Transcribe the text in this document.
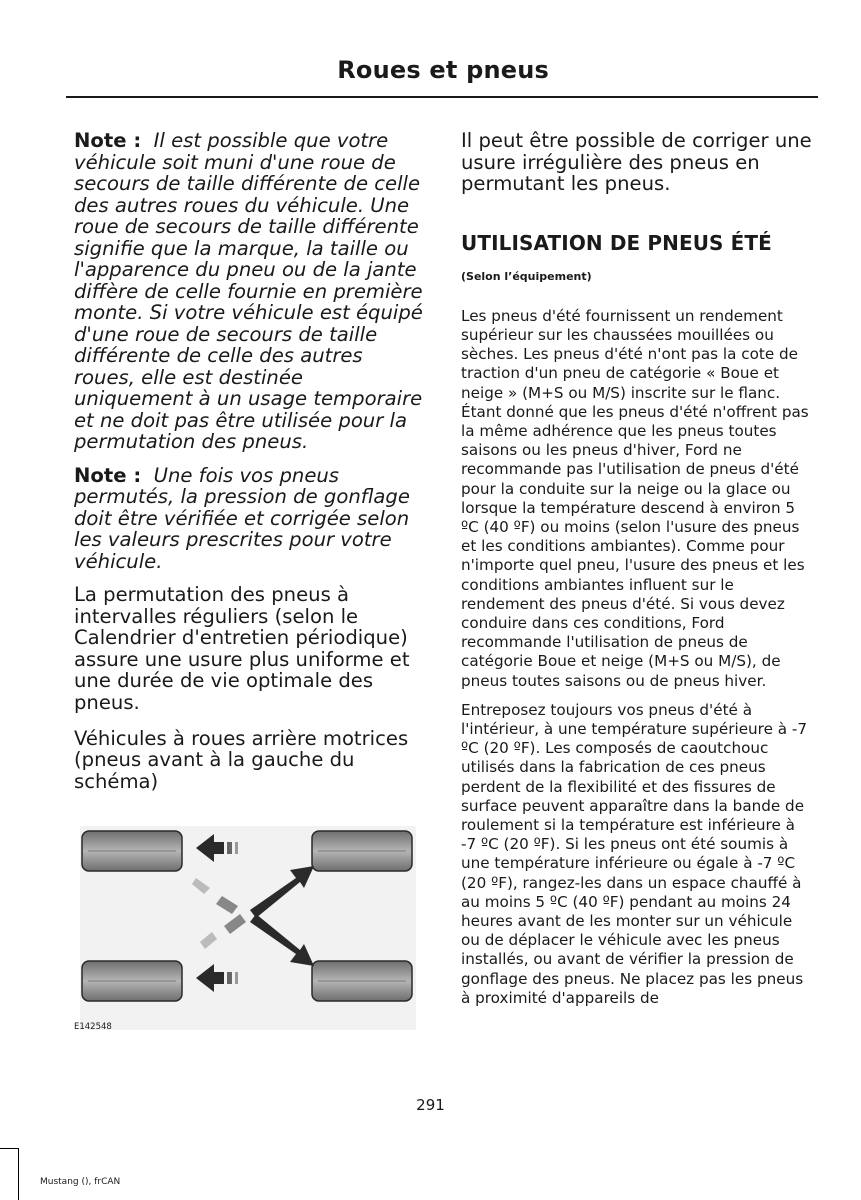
Roues et pneus

Note : Il est possible que votre véhicule soit muni d'une roue de secours de taille différente de celle des autres roues du véhicule. Une roue de secours de taille différente signifie que la marque, la taille ou l'apparence du pneu ou de la jante diffère de celle fournie en première monte. Si votre véhicule est équipé d'une roue de secours de taille différente de celle des autres roues, elle est destinée uniquement à un usage temporaire et ne doit pas être utilisée pour la permutation des pneus.

Note : Une fois vos pneus permutés, la pression de gonflage doit être vérifiée et corrigée selon les valeurs prescrites pour votre véhicule.

La permutation des pneus à intervalles réguliers (selon le Calendrier d'entretien périodique) assure une usure plus uniforme et une durée de vie optimale des pneus.

Véhicules à roues arrière motrices (pneus avant à la gauche du schéma)

E142548

Il peut être possible de corriger une usure irrégulière des pneus en permutant les pneus.

UTILISATION DE PNEUS ÉTÉ
(Selon l’équipement)

Les pneus d'été fournissent un rendement supérieur sur les chaussées mouillées ou sèches. Les pneus d'été n'ont pas la cote de traction d'un pneu de catégorie « Boue et neige » (M+S ou M/S) inscrite sur le flanc. Étant donné que les pneus d'été n'offrent pas la même adhérence que les pneus toutes saisons ou les pneus d'hiver, Ford ne recommande pas l'utilisation de pneus d'été pour la conduite sur la neige ou la glace ou lorsque la température descend à environ 5 ºC (40 ºF) ou moins (selon l'usure des pneus et les conditions ambiantes). Comme pour n'importe quel pneu, l'usure des pneus et les conditions ambiantes influent sur le rendement des pneus d'été. Si vous devez conduire dans ces conditions, Ford recommande l'utilisation de pneus de catégorie Boue et neige (M+S ou M/S), de pneus toutes saisons ou de pneus hiver.

Entreposez toujours vos pneus d'été à l'intérieur, à une température supérieure à -7 ºC (20 ºF). Les composés de caoutchouc utilisés dans la fabrication de ces pneus perdent de la flexibilité et des fissures de surface peuvent apparaître dans la bande de roulement si la température est inférieure à -7 ºC (20 ºF). Si les pneus ont été soumis à une température inférieure ou égale à -7 ºC (20 ºF), rangez-les dans un espace chauffé à au moins 5 ºC (40 ºF) pendant au moins 24 heures avant de les monter sur un véhicule ou de déplacer le véhicule avec les pneus installés, ou avant de vérifier la pression de gonflage des pneus. Ne placez pas les pneus à proximité d'appareils de

291
Mustang (), frCAN
